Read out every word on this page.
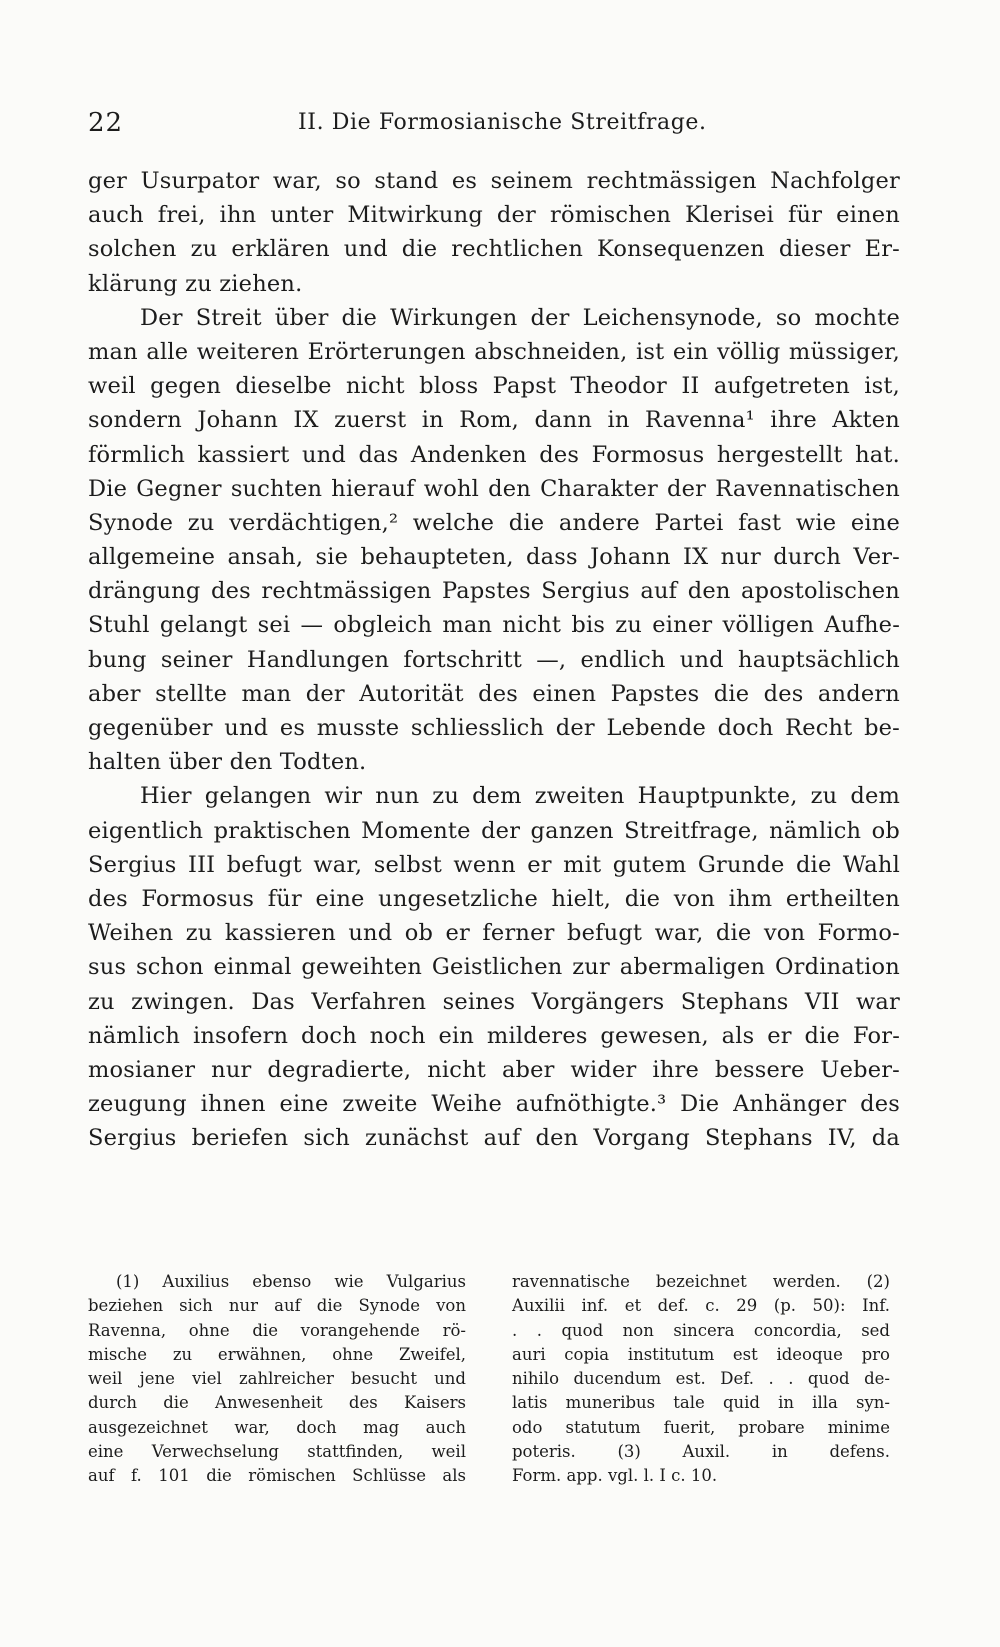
22	II. Die Formosianische Streitfrage.
ger Usurpator war, so stand es seinem rechtmässigen Nachfolger
auch frei, ihn unter Mitwirkung der römischen Klerisei für einen
solchen zu erklären und die rechtlichen Konsequenzen dieser Er-
klärung zu ziehen.
Der Streit über die Wirkungen der Leichensynode, so mochte
man alle weiteren Erörterungen abschneiden, ist ein völlig müssiger,
weil gegen dieselbe nicht bloss Papst Theodor II aufgetreten ist,
sondern Johann IX zuerst in Rom, dann in Ravenna¹ ihre Akten
förmlich kassiert und das Andenken des Formosus hergestellt hat.
Die Gegner suchten hierauf wohl den Charakter der Ravennatischen
Synode zu verdächtigen,² welche die andere Partei fast wie eine
allgemeine ansah, sie behaupteten, dass Johann IX nur durch Ver-
drängung des rechtmässigen Papstes Sergius auf den apostolischen
Stuhl gelangt sei — obgleich man nicht bis zu einer völligen Aufhe-
bung seiner Handlungen fortschritt —, endlich und hauptsächlich
aber stellte man der Autorität des einen Papstes die des andern
gegenüber und es musste schliesslich der Lebende doch Recht be-
halten über den Todten.
Hier gelangen wir nun zu dem zweiten Hauptpunkte, zu dem
eigentlich praktischen Momente der ganzen Streitfrage, nämlich ob
Sergius III befugt war, selbst wenn er mit gutem Grunde die Wahl
des Formosus für eine ungesetzliche hielt, die von ihm ertheilten
Weihen zu kassieren und ob er ferner befugt war, die von Formo-
sus schon einmal geweihten Geistlichen zur abermaligen Ordination
zu zwingen. Das Verfahren seines Vorgängers Stephans VII war
nämlich insofern doch noch ein milderes gewesen, als er die For-
mosianer nur degradierte, nicht aber wider ihre bessere Ueber-
zeugung ihnen eine zweite Weihe aufnöthigte.³ Die Anhänger des
Sergius beriefen sich zunächst auf den Vorgang Stephans IV, da
(1) Auxilius ebenso wie Vulgarius
beziehen sich nur auf die Synode von
Ravenna, ohne die vorangehende rö-
mische zu erwähnen, ohne Zweifel,
weil jene viel zahlreicher besucht und
durch die Anwesenheit des Kaisers
ausgezeichnet war, doch mag auch
eine Verwechselung stattfinden, weil
auf f. 101 die römischen Schlüsse als
ravennatische bezeichnet werden. (2)
Auxilii inf. et def. c. 29 (p. 50): Inf.
. . quod non sincera concordia, sed
auri copia institutum est ideoque pro
nihilo ducendum est. Def. . . quod de-
latis muneribus tale quid in illa syn-
odo statutum fuerit, probare minime
poteris. (3) Auxil. in defens.
Form. app. vgl. l. I c. 10.
